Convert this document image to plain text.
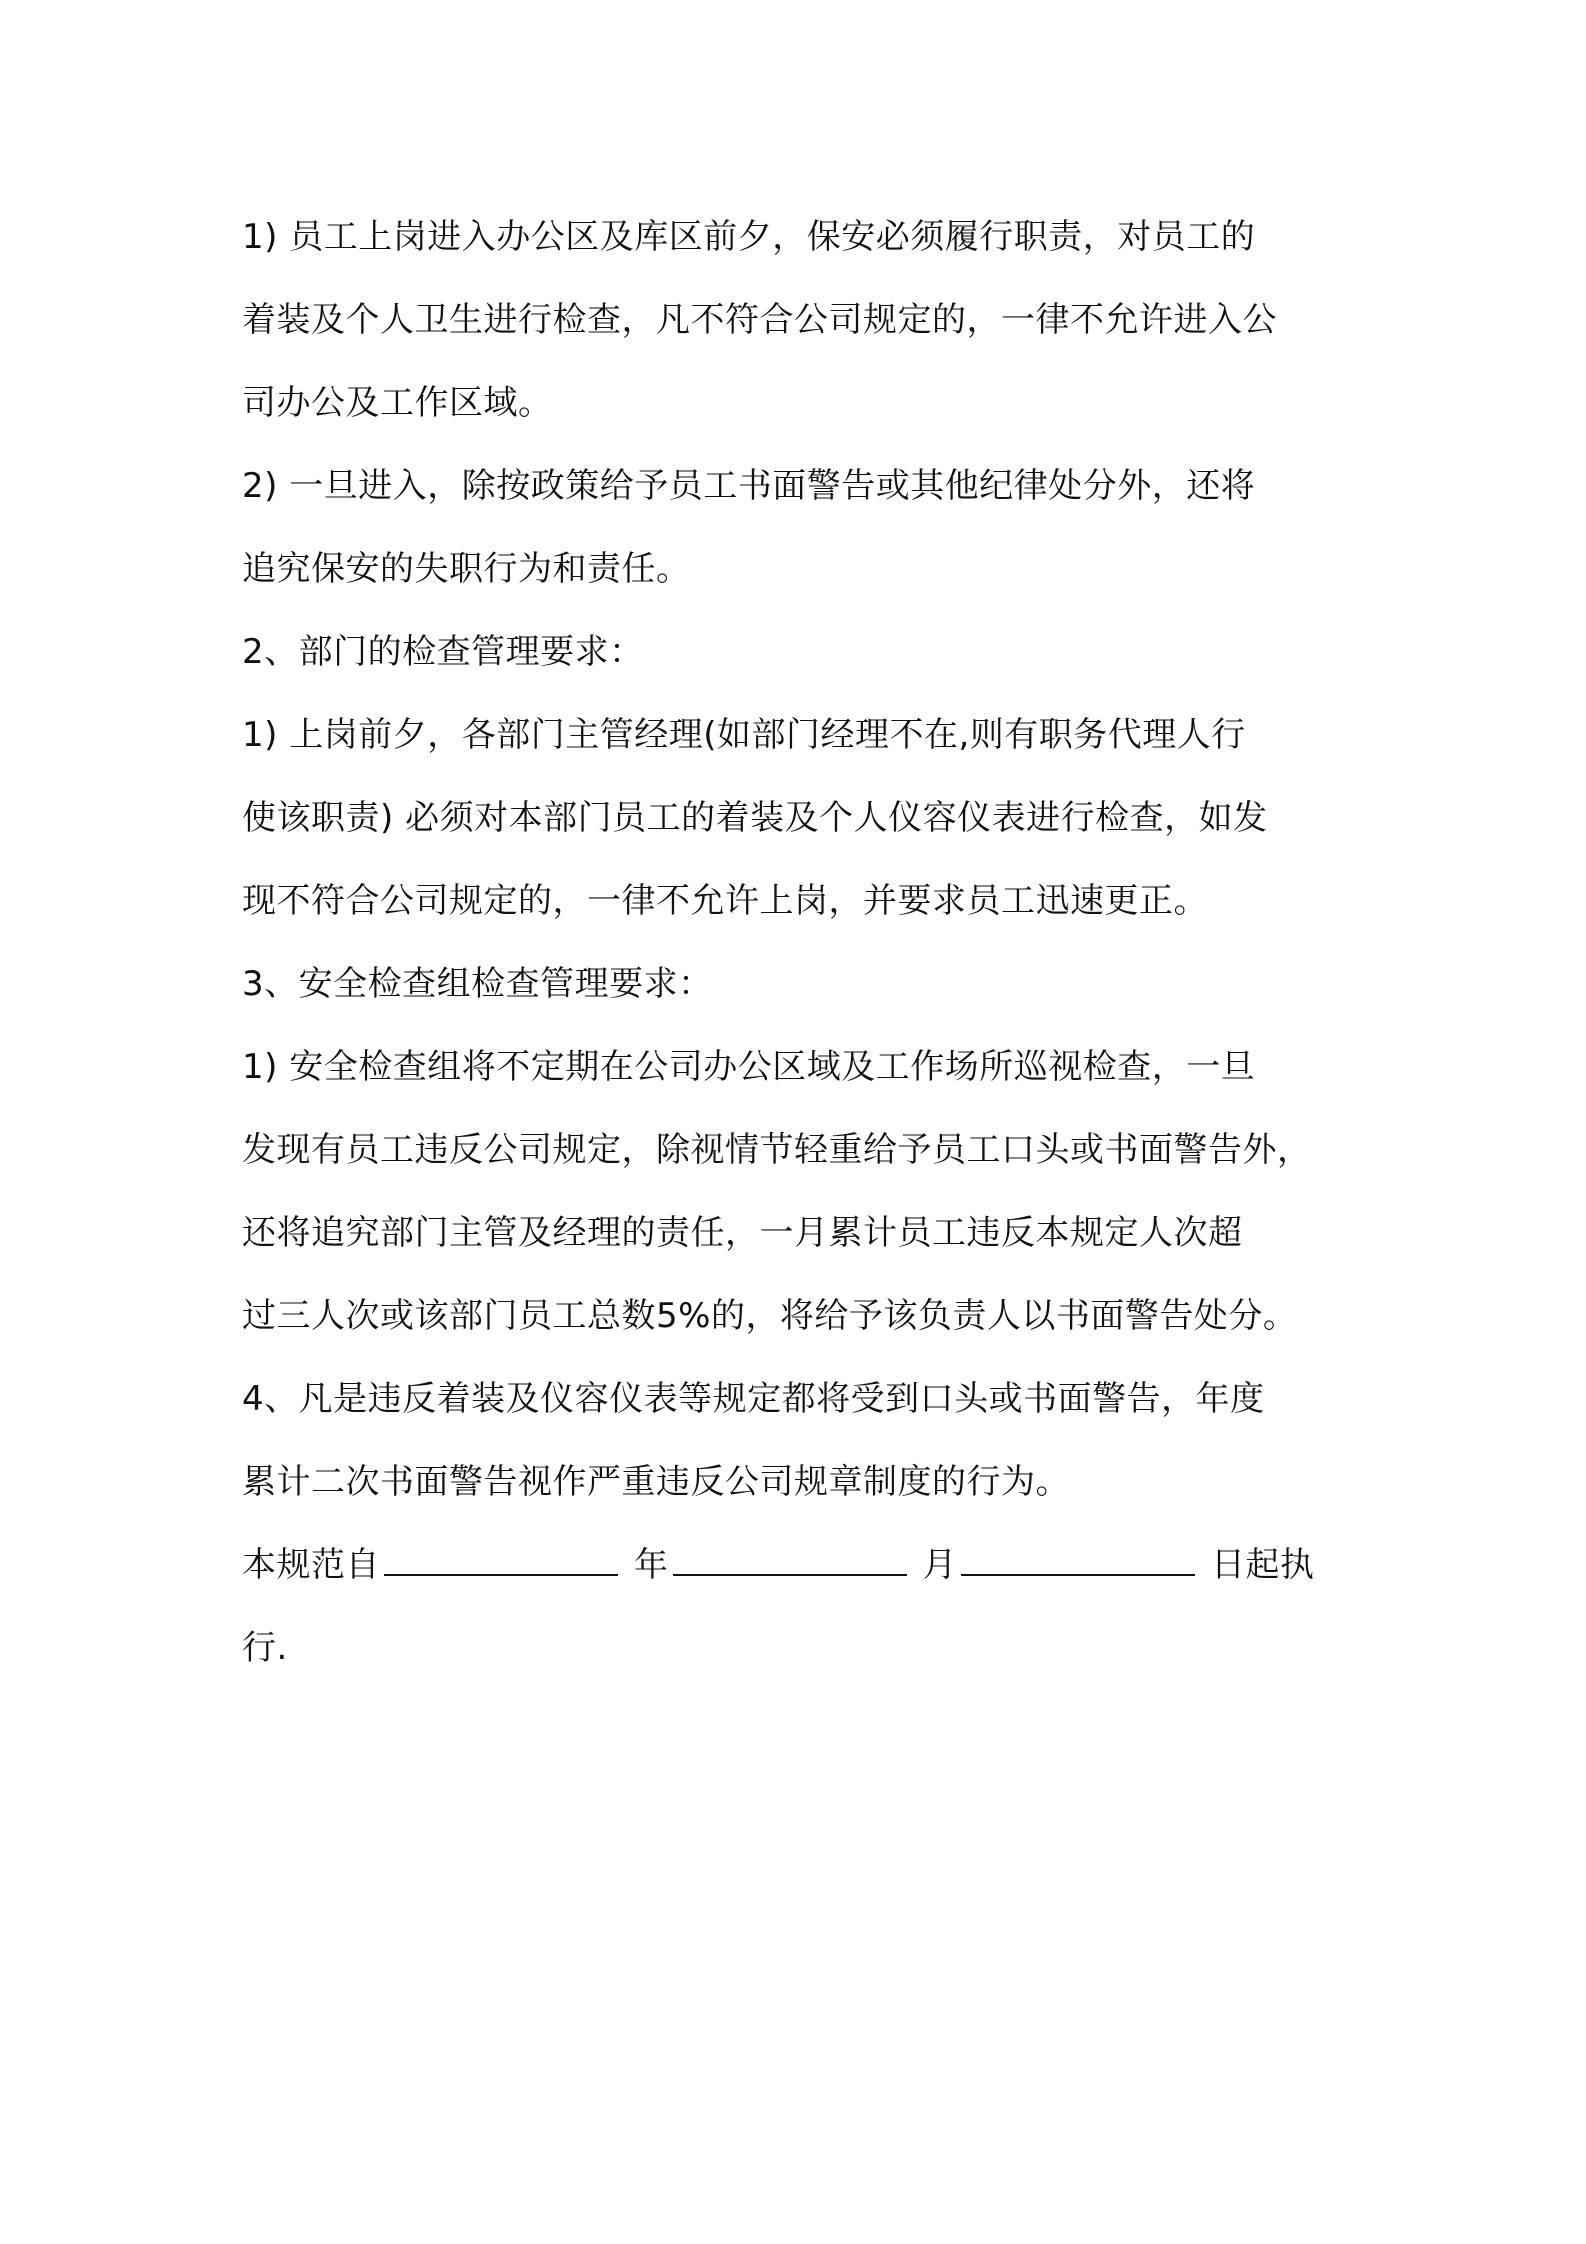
1) 员工上岗进入办公区及库区前夕，保安必须履行职责，对员工的
着装及个人卫生进行检查，凡不符合公司规定的，一律不允许进入公
司办公及工作区域。

2) 一旦进入，除按政策给予员工书面警告或其他纪律处分外，还将
追究保安的失职行为和责任。

2、部门的检查管理要求：

1) 上岗前夕，各部门主管经理(如部门经理不在,则有职务代理人行
使该职责) 必须对本部门员工的着装及个人仪容仪表进行检查，如发
现不符合公司规定的，一律不允许上岗，并要求员工迅速更正。

3、安全检查组检查管理要求：

1) 安全检查组将不定期在公司办公区域及工作场所巡视检查，一旦
发现有员工违反公司规定，除视情节轻重给予员工口头或书面警告外，
还将追究部门主管及经理的责任，一月累计员工违反本规定人次超
过三人次或该部门员工总数5%的，将给予该负责人以书面警告处分。

4、凡是违反着装及仪容仪表等规定都将受到口头或书面警告，年度
累计二次书面警告视作严重违反公司规章制度的行为。

本规范自	年	月	日起执
行.
